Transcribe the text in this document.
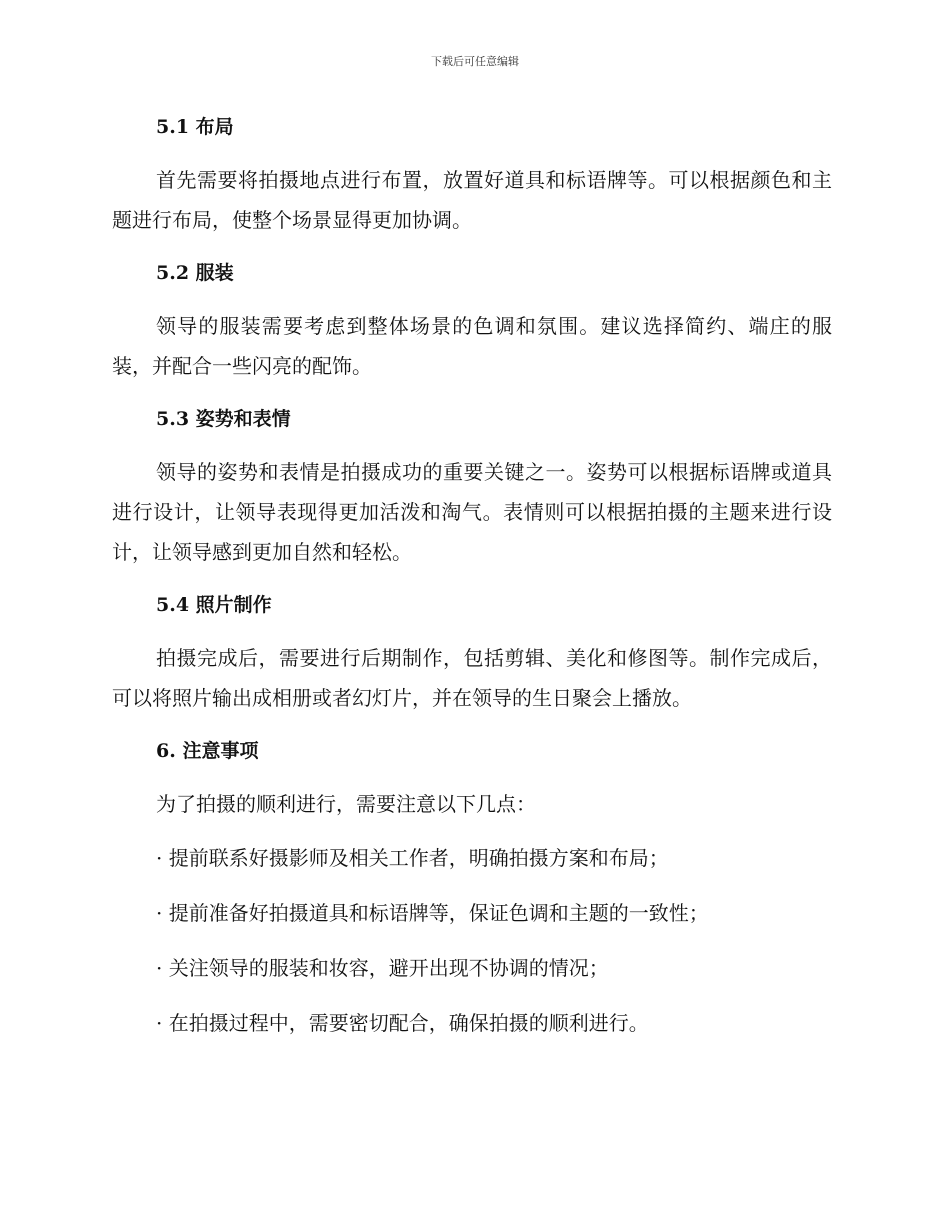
下载后可任意编辑
5.1 布局

首先需要将拍摄地点进行布置，放置好道具和标语牌等。可以根据颜色和主题进行布局，使整个场景显得更加协调。

5.2 服装

领导的服装需要考虑到整体场景的色调和氛围。建议选择简约、端庄的服装，并配合一些闪亮的配饰。

5.3 姿势和表情

领导的姿势和表情是拍摄成功的重要关键之一。姿势可以根据标语牌或道具进行设计，让领导表现得更加活泼和淘气。表情则可以根据拍摄的主题来进行设计，让领导感到更加自然和轻松。

5.4 照片制作

拍摄完成后，需要进行后期制作，包括剪辑、美化和修图等。制作完成后，可以将照片输出成相册或者幻灯片，并在领导的生日聚会上播放。

6. 注意事项

为了拍摄的顺利进行，需要注意以下几点：

· 提前联系好摄影师及相关工作者，明确拍摄方案和布局；
· 提前准备好拍摄道具和标语牌等，保证色调和主题的一致性；
· 关注领导的服装和妆容，避开出现不协调的情况；
· 在拍摄过程中，需要密切配合，确保拍摄的顺利进行。
